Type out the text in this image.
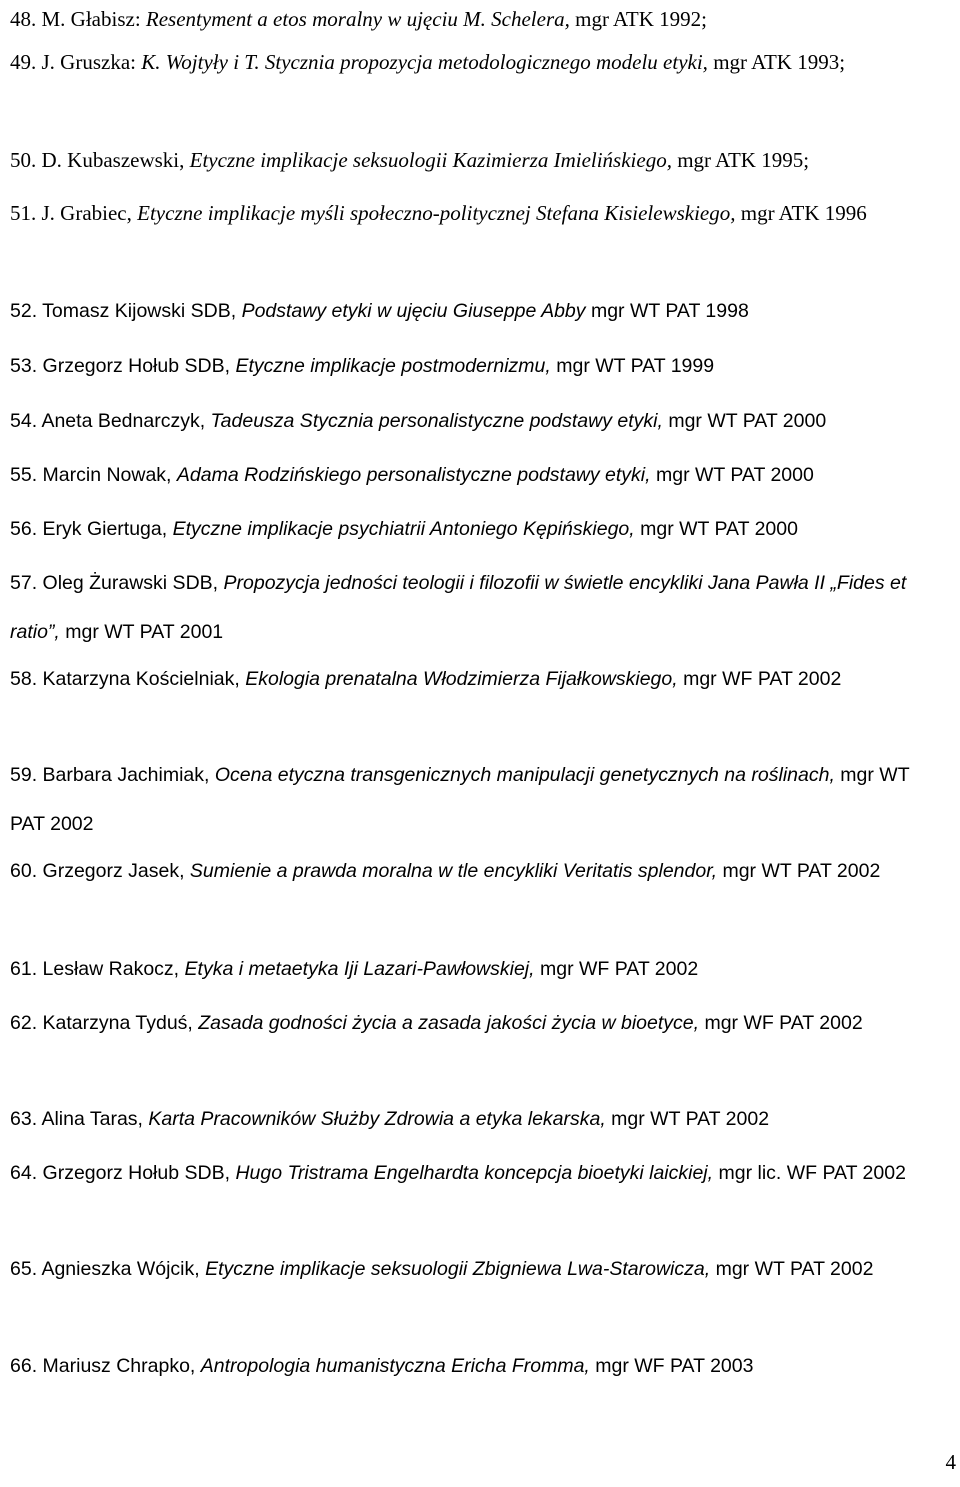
48. M. Głabisz: Resentyment a etos moralny w ujęciu M. Schelera, mgr ATK 1992;
49. J. Gruszka: K. Wojtyły i T. Stycznia propozycja metodologicznego modelu etyki, mgr ATK 1993;
50. D. Kubaszewski, Etyczne implikacje seksuologii Kazimierza Imielińskiego, mgr ATK 1995;
51. J. Grabiec, Etyczne implikacje myśli społeczno-politycznej Stefana Kisielewskiego, mgr ATK 1996
52. Tomasz Kijowski SDB, Podstawy etyki w ujęciu Giuseppe Abby mgr WT PAT 1998
53. Grzegorz Hołub SDB, Etyczne implikacje postmodernizmu, mgr WT PAT 1999
54. Aneta Bednarczyk, Tadeusza Stycznia personalistyczne podstawy etyki, mgr WT PAT 2000
55. Marcin Nowak, Adama Rodzińskiego personalistyczne podstawy etyki, mgr WT PAT 2000
56. Eryk Giertuga, Etyczne implikacje psychiatrii Antoniego Kępińskiego, mgr WT PAT 2000
57. Oleg Żurawski SDB, Propozycja jedności teologii i filozofii w świetle encykliki Jana Pawła II „Fides et ratio”, mgr WT PAT 2001
58. Katarzyna Kościelniak, Ekologia prenatalna Włodzimierza Fijałkowskiego, mgr WF PAT 2002
59. Barbara Jachimiak, Ocena etyczna transgenicznych manipulacji genetycznych na roślinach, mgr WT PAT 2002
60. Grzegorz Jasek, Sumienie a prawda moralna w tle encykliki Veritatis splendor, mgr WT PAT 2002
61. Lesław Rakocz, Etyka i metaetyka Iji Lazari-Pawłowskiej, mgr WF PAT 2002
62. Katarzyna Tyduś, Zasada godności życia a zasada jakości życia w bioetyce, mgr WF PAT 2002
63. Alina Taras, Karta Pracowników Służby Zdrowia a etyka lekarska, mgr WT PAT 2002
64. Grzegorz Hołub SDB, Hugo Tristrama Engelhardta koncepcja bioetyki laickiej, mgr lic. WF PAT 2002
65. Agnieszka Wójcik, Etyczne implikacje seksuologii Zbigniewa Lwa-Starowicza, mgr WT PAT 2002
66. Mariusz Chrapko, Antropologia humanistyczna Ericha Fromma, mgr WF PAT 2003
4
